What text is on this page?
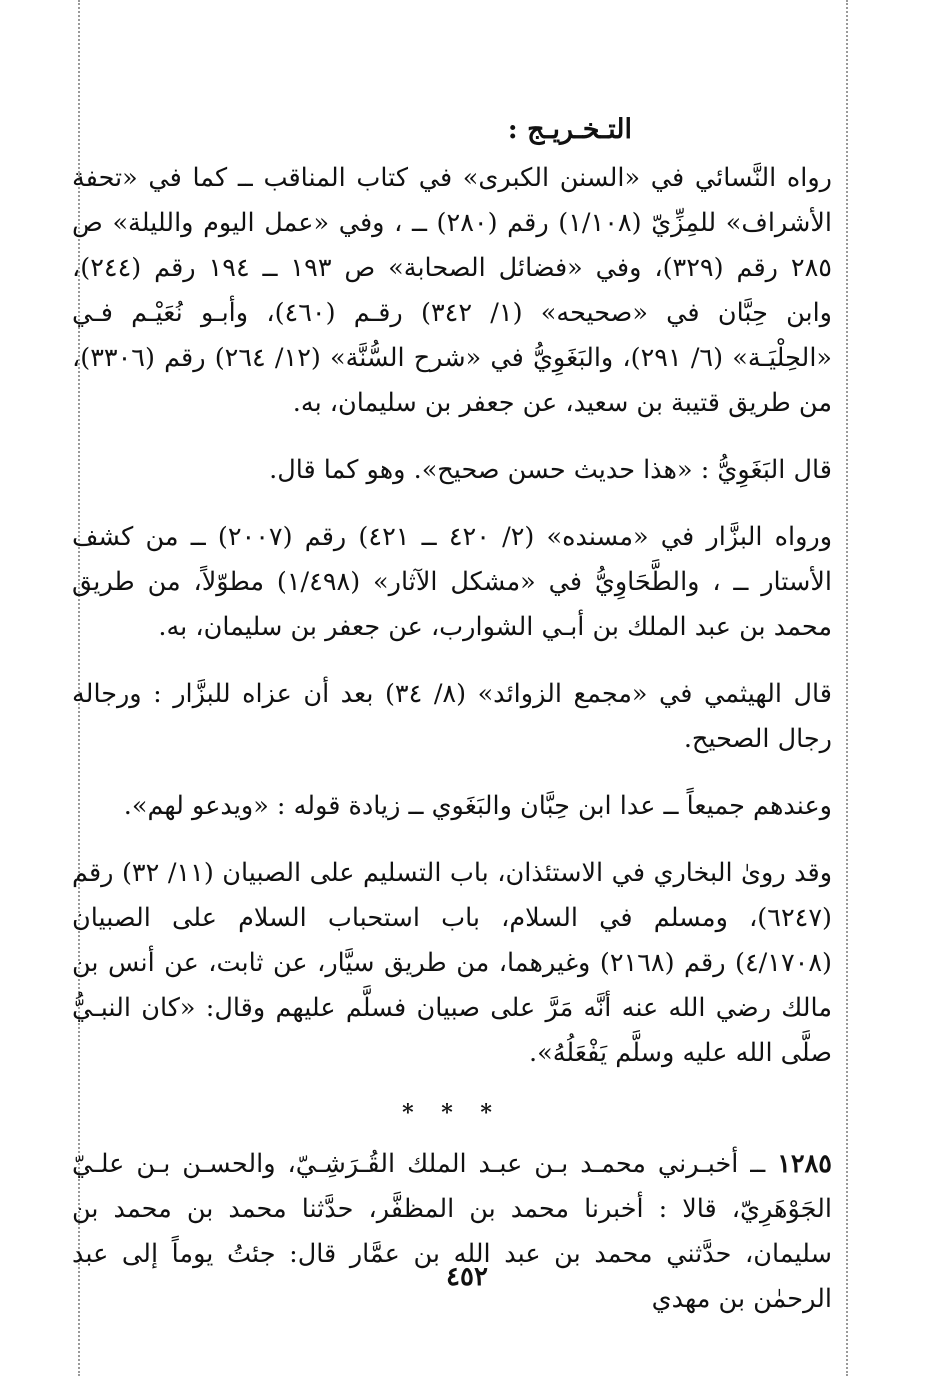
التـخـريـج :

رواه النَّسائي في «السنن الكبرى» في كتاب المناقب ــ كما في «تحفة الأشراف» للمِزِّيّ (١/١٠٨) رقم (٢٨٠) ــ ، وفي «عمل اليوم والليلة» ص ٢٨٥ رقم (٣٢٩)، وفي «فضائل الصحابة» ص ١٩٣ ــ ١٩٤ رقم (٢٤٤)، وابن حِبَّان في «صحيحه» (١/ ٣٤٢) رقـم (٤٦٠)، وأبـو نُعَيْـم فـي «الحِلْيَـة» (٦/ ٢٩١)، والبَغَوِيُّ في «شرح السُّنَّة» (١٢/ ٢٦٤) رقم (٣٣٠٦)، من طريق قتيبة بن سعيد، عن جعفر بن سليمان، به.

قال البَغَوِيُّ : «هذا حديث حسن صحيح». وهو كما قال.

ورواه البزَّار في «مسنده» (٢/ ٤٢٠ ــ ٤٢١) رقم (٢٠٠٧) ــ من كشف الأستار ــ ، والطَّحَاوِيُّ في «مشكل الآثار» (١/٤٩٨) مطوّلاً، من طريق محمد بن عبد الملك بن أبـي الشوارب، عن جعفر بن سليمان، به.

قال الهيثمي في «مجمع الزوائد» (٨/ ٣٤) بعد أن عزاه للبزَّار : ورجاله رجال الصحيح.

وعندهم جميعاً ــ عدا ابن حِبَّان والبَغَوي ــ زيادة قوله : «ويدعو لهم».

وقد روىٰ البخاري في الاستئذان، باب التسليم على الصبيان (١١/ ٣٢) رقم (٦٢٤٧)، ومسلم في السلام، باب استحباب السلام على الصبيان (٤/١٧٠٨) رقم (٢١٦٨) وغيرهما، من طريق سيَّار، عن ثابت، عن أنس بن مالك رضي الله عنه أنَّه مَرَّ على صبيان فسلَّم عليهم وقال: «كان النبـيُّ صلَّى الله عليه وسلَّم يَفْعَلُهُ».

* * *

١٢٨٥ ــ أخبـرني محمـد بـن عبـد الملك القُـرَشِـيّ، والحسـن بـن علـيّ الجَوْهَرِيّ، قالا : أخبرنا محمد بن المظفَّر، حدَّثنا محمد بن محمد بن سليمان، حدَّثني محمد بن عبد الله بن عمَّار قال: جئتُ يوماً إلى عبد الرحمٰن بن مهدي

٤٥٢
